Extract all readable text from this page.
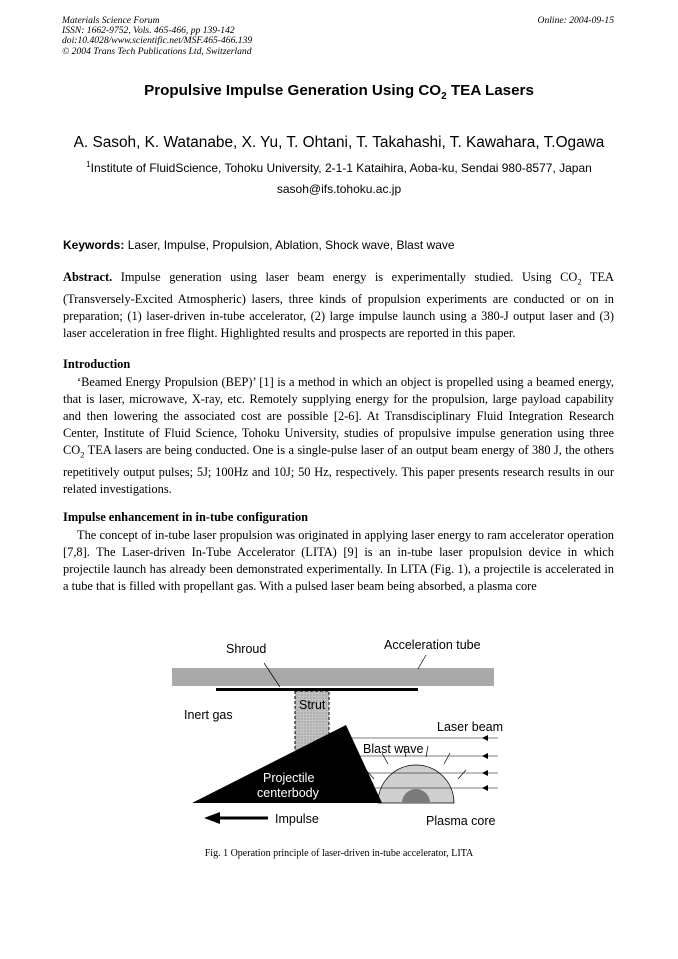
Materials Science Forum
ISSN: 1662-9752, Vols. 465-466, pp 139-142
doi:10.4028/www.scientific.net/MSF.465-466.139
© 2004 Trans Tech Publications Ltd, Switzerland
Online: 2004-09-15
Propulsive Impulse Generation Using $CO_2$ TEA Lasers
A. Sasoh, K. Watanabe, X. Yu, T. Ohtani, T. Takahashi, T. Kawahara, T.Ogawa
$^1$Institute of FluidScience, Tohoku University, 2-1-1 Kataihira, Aoba-ku, Sendai 980-8577, Japan
sasoh@ifs.tohoku.ac.jp
Keywords: Laser, Impulse, Propulsion, Ablation, Shock wave, Blast wave
Abstract. Impulse generation using laser beam energy is experimentally studied. Using $CO_2$ TEA (Transversely-Excited Atmospheric) lasers, three kinds of propulsion experiments are conducted or on in preparation; (1) laser-driven in-tube accelerator, (2) large impulse launch using a 380-J output laser and (3) laser acceleration in free flight. Highlighted results and prospects are reported in this paper.
Introduction
‘Beamed Energy Propulsion (BEP)’ [1] is a method in which an object is propelled using a beamed energy, that is laser, microwave, X-ray, etc. Remotely supplying energy for the propulsion, large payload capability and then lowering the associated cost are possible [2-6]. At Transdisciplinary Fluid Integration Research Center, Institute of Fluid Science, Tohoku University, studies of propulsive impulse generation using three $CO_2$ TEA lasers are being conducted. One is a single-pulse laser of an output beam energy of 380 J, the others repetitively output pulses; 5J; 100Hz and 10J; 50 Hz, respectively. This paper presents research results in our related investigations.
Impulse enhancement in in-tube configuration
The concept of in-tube laser propulsion was originated in applying laser energy to ram accelerator operation [7,8]. The Laser-driven In-Tube Accelerator (LITA) [9] is an in-tube laser propulsion device in which projectile launch has already been demonstrated experimentally. In LITA (Fig. 1), a projectile is accelerated in a tube that is filled with propellant gas. With a pulsed laser beam being absorbed, a plasma core
Shroud	Acceleration tube
Strut
Inert gas
Laser beam
Blast wave
Projectile
centerbody
Impulse	Plasma core
Fig. 1 Operation principle of laser-driven in-tube accelerator, LITA
